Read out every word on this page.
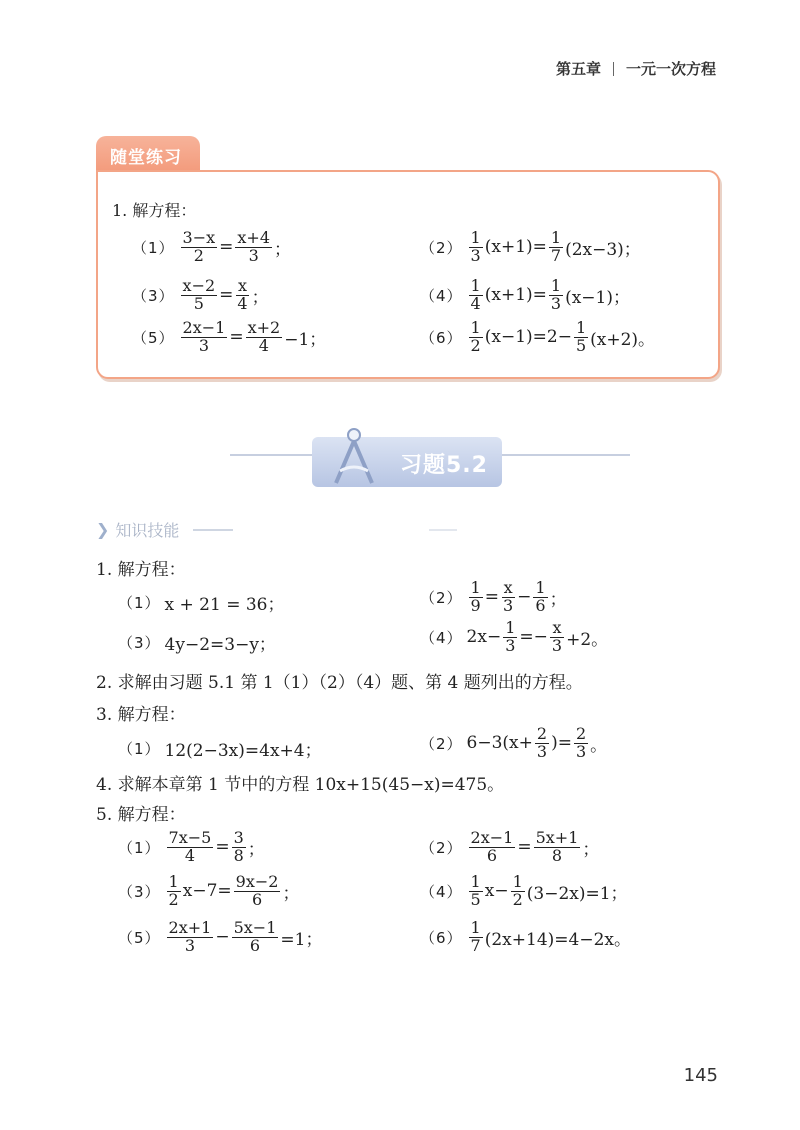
第五章 一元一次方程
随堂练习
1. 解方程：
$(1) \frac{3-x}{2} = \frac{x+4}{3}$ ；	$(2) \frac{1}{3} (x+1)= \frac{1}{7} (2x-3)$；
$(3) \frac{x-2}{5} = \frac{x}{4}$ ；	$(4) \frac{1}{4} (x+1)= \frac{1}{3} (x-1)$；
$(5) \frac{2x-1}{3} = \frac{x+2}{4} -1$；	$(6) \frac{1}{2} (x-1)=2- \frac{1}{5} (x+2)$。
习题5.2
❯ 知识技能
1. 解方程：
（1） x + 21 = 36；	$(2) \frac{1}{9} = \frac{x}{3} - \frac{1}{6}$ ；
（3） 4y−2=3−y；	（4） $2x- \frac{1}{3} =- \frac{x}{3} +2$。
2. 求解由习题 5.1 第 1（1）（2）（4）题、第 4 题列出的方程。
3. 解方程：
（1） 12(2−3x)=4x+4；	（2） $6-3(x+ \frac{2}{3}$ )= $\frac{2}{3}$ 。
4. 求解本章第 1 节中的方程 10x+15(45−x)=475。
5. 解方程：
$(1) \frac{7x-5}{4} = \frac{3}{8}$ ；	$(2) \frac{2x-1}{6} = \frac{5x+1}{8}$ ；
$(3) \frac{1}{2} x-7= \frac{9x-2}{6}$ ；	$(4) \frac{1}{5} x- \frac{1}{2} (3-2x)=1$；
$(5) \frac{2x+1}{3} - \frac{5x-1}{6} =1$；	$(6) \frac{1}{7} (2x+14)=4-2x$。
145
